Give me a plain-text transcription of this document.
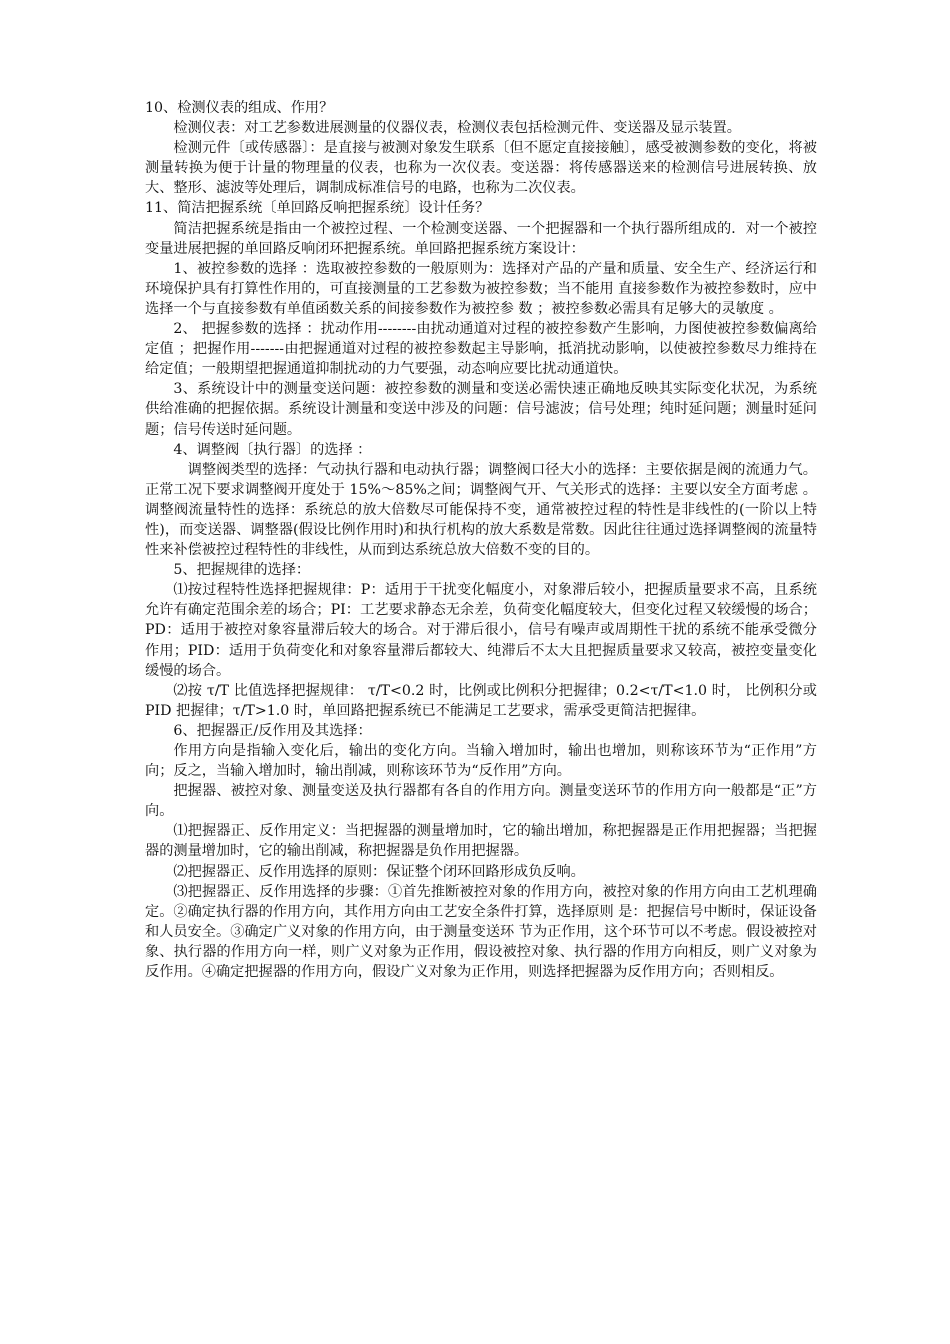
10、检测仪表的组成、作用？

检测仪表：对工艺参数进展测量的仪器仪表，检测仪表包括检测元件、变送器及显示装置。

检测元件〔或传感器〕：是直接与被测对象发生联系〔但不愿定直接接触〕，感受被测参数的变化，将被测量转换为便于计量的物理量的仪表，也称为一次仪表。变送器：将传感器送来的检测信号进展转换、放大、整形、滤波等处理后，调制成标准信号的电路，也称为二次仪表。

11、简洁把握系统〔单回路反响把握系统〕设计任务？

简洁把握系统是指由一个被控过程、一个检测变送器、一个把握器和一个执行器所组成的．对一个被控变量进展把握的单回路反响闭环把握系统。单回路把握系统方案设计：

1、被控参数的选择 ：选取被控参数的一般原则为：选择对产品的产量和质量、安全生产、经济运行和环境保护具有打算性作用的，可直接测量的工艺参数为被控参数；当不能用 直接参数作为被控参数时，应中选择一个与直接参数有单值函数关系的间接参数作为被控参 数 ；被控参数必需具有足够大的灵敏度 。

2、 把握参数的选择 ：扰动作用--------由扰动通道对过程的被控参数产生影响，力图使被控参数偏离给定值 ；把握作用-------由把握通道对过程的被控参数起主导影响，抵消扰动影响，以使被控参数尽力维持在给定值；一般期望把握通道抑制扰动的力气要强，动态响应要比扰动通道快。

3、系统设计中的测量变送问题：被控参数的测量和变送必需快速正确地反映其实际变化状况，为系统供给准确的把握依据。系统设计测量和变送中涉及的问题：信号滤波；信号处理；纯时延问题；测量时延问题；信号传送时延问题。

4、调整阀〔执行器〕的选择 ：

调整阀类型的选择：气动执行器和电动执行器；调整阀口径大小的选择：主要依据是阀的流通力气。正常工况下要求调整阀开度处于 15%～85%之间；调整阀气开、气关形式的选择：主要以安全方面考虑 。调整阀流量特性的选择：系统总的放大倍数尽可能保持不变，通常被控过程的特性是非线性的(一阶以上特性)，而变送器、调整器(假设比例作用时)和执行机构的放大系数是常数。因此往往通过选择调整阀的流量特性来补偿被控过程特性的非线性，从而到达系统总放大倍数不变的目的。

5、把握规律的选择：

⑴按过程特性选择把握规律：P：适用于干扰变化幅度小，对象滞后较小，把握质量要求不高，且系统允许有确定范围余差的场合；PI：工艺要求静态无余差，负荷变化幅度较大，但变化过程又较缓慢的场合；PD：适用于被控对象容量滞后较大的场合。对于滞后很小，信号有噪声或周期性干扰的系统不能承受微分作用；PID：适用于负荷变化和对象容量滞后都较大、纯滞后不太大且把握质量要求又较高，被控变量变化缓慢的场合。

⑵按 τ/T 比值选择把握规律： τ/T<0.2 时，比例或比例积分把握律；0.2<τ/T<1.0 时， 比例积分或 PID 把握律；τ/T>1.0 时，单回路把握系统已不能满足工艺要求，需承受更简洁把握律。

6、把握器正/反作用及其选择：

作用方向是指输入变化后，输出的变化方向。当输入增加时，输出也增加，则称该环节为“正作用”方向；反之，当输入增加时，输出削减，则称该环节为“反作用”方向。

把握器、被控对象、测量变送及执行器都有各自的作用方向。测量变送环节的作用方向一般都是“正”方向。

⑴把握器正、反作用定义：当把握器的测量增加时，它的输出增加，称把握器是正作用把握器；当把握器的测量增加时，它的输出削减，称把握器是负作用把握器。

⑵把握器正、反作用选择的原则：保证整个闭环回路形成负反响。

⑶把握器正、反作用选择的步骤：①首先推断被控对象的作用方向，被控对象的作用方向由工艺机理确定。②确定执行器的作用方向，其作用方向由工艺安全条件打算，选择原则 是：把握信号中断时，保证设备和人员安全。③确定广义对象的作用方向，由于测量变送环 节为正作用，这个环节可以不考虑。假设被控对象、执行器的作用方向一样，则广义对象为正作用，假设被控对象、执行器的作用方向相反，则广义对象为反作用。④确定把握器的作用方向，假设广义对象为正作用，则选择把握器为反作用方向；否则相反。
